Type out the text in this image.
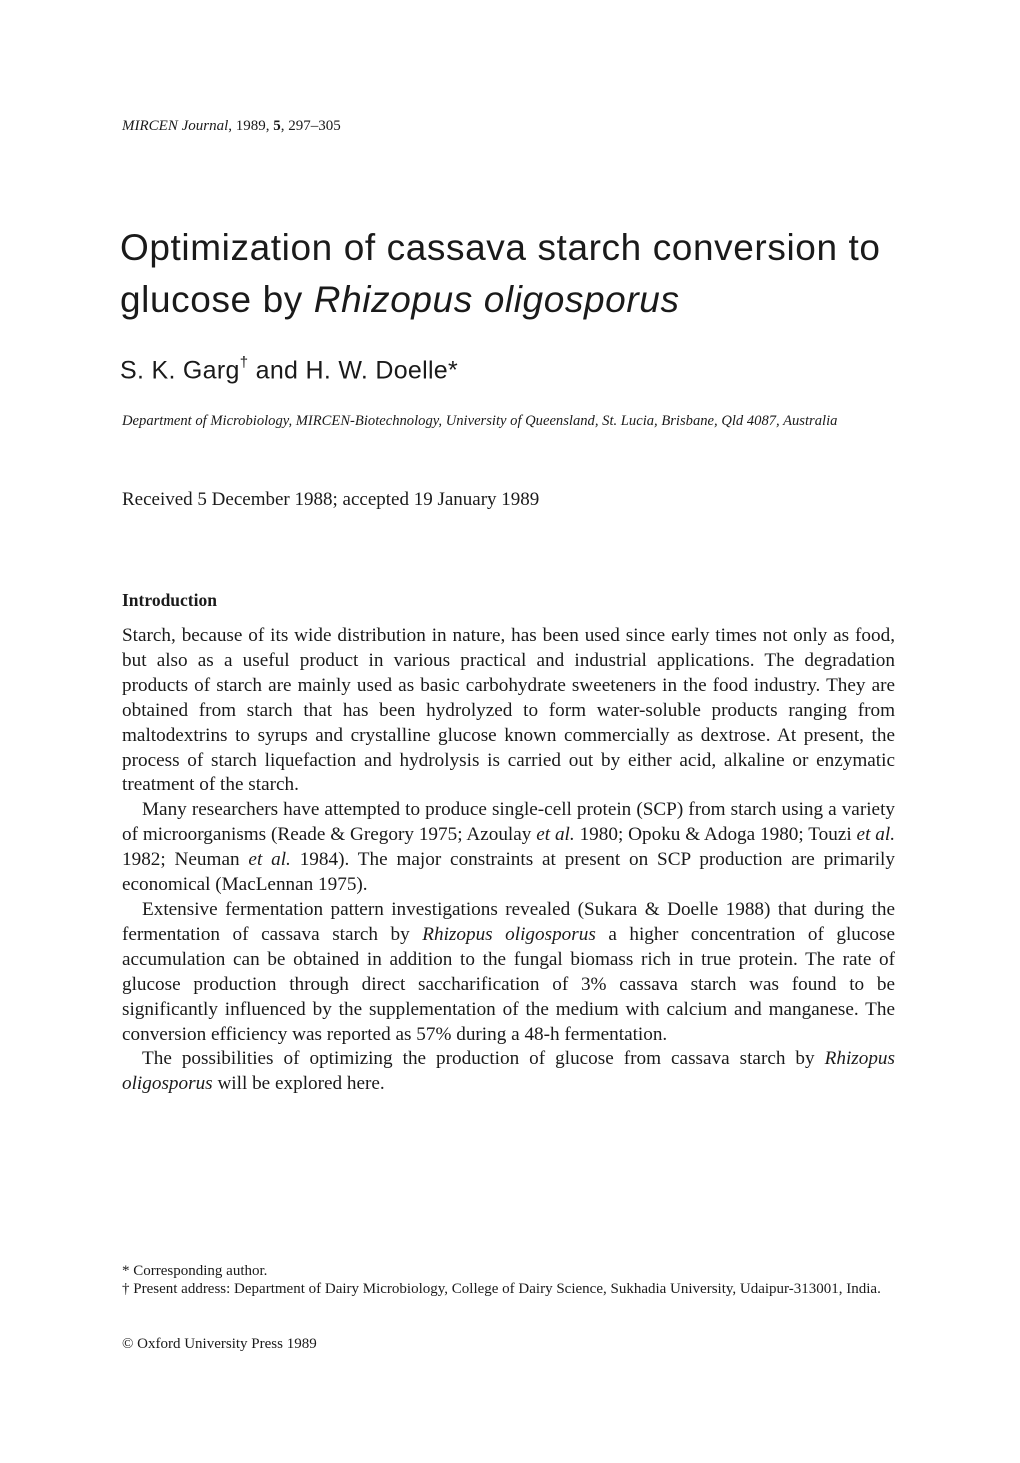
MIRCEN Journal, 1989, 5, 297–305
Optimization of cassava starch conversion to glucose by Rhizopus oligosporus
S. K. Garg† and H. W. Doelle*
Department of Microbiology, MIRCEN-Biotechnology, University of Queensland, St. Lucia, Brisbane, Qld 4087, Australia
Received 5 December 1988; accepted 19 January 1989
Introduction

Starch, because of its wide distribution in nature, has been used since early times not only as food, but also as a useful product in various practical and industrial applications. The degradation products of starch are mainly used as basic carbohydrate sweeteners in the food industry. They are obtained from starch that has been hydrolyzed to form water-soluble products ranging from maltodextrins to syrups and crystalline glucose known commercially as dextrose. At present, the process of starch liquefaction and hydrolysis is carried out by either acid, alkaline or enzymatic treatment of the starch.

Many researchers have attempted to produce single-cell protein (SCP) from starch using a variety of microorganisms (Reade & Gregory 1975; Azoulay et al. 1980; Opoku & Adoga 1980; Touzi et al. 1982; Neuman et al. 1984). The major constraints at present on SCP production are primarily economical (MacLennan 1975).

Extensive fermentation pattern investigations revealed (Sukara & Doelle 1988) that during the fermentation of cassava starch by Rhizopus oligosporus a higher concentration of glucose accumulation can be obtained in addition to the fungal biomass rich in true protein. The rate of glucose production through direct saccharification of 3% cassava starch was found to be significantly influenced by the supplementation of the medium with calcium and manganese. The conversion efficiency was reported as 57% during a 48-h fermentation.

The possibilities of optimizing the production of glucose from cassava starch by Rhizopus oligosporus will be explored here.

* Corresponding author.

† Present address: Department of Dairy Microbiology, College of Dairy Science, Sukhadia University, Udaipur-313001, India.

© Oxford University Press 1989
